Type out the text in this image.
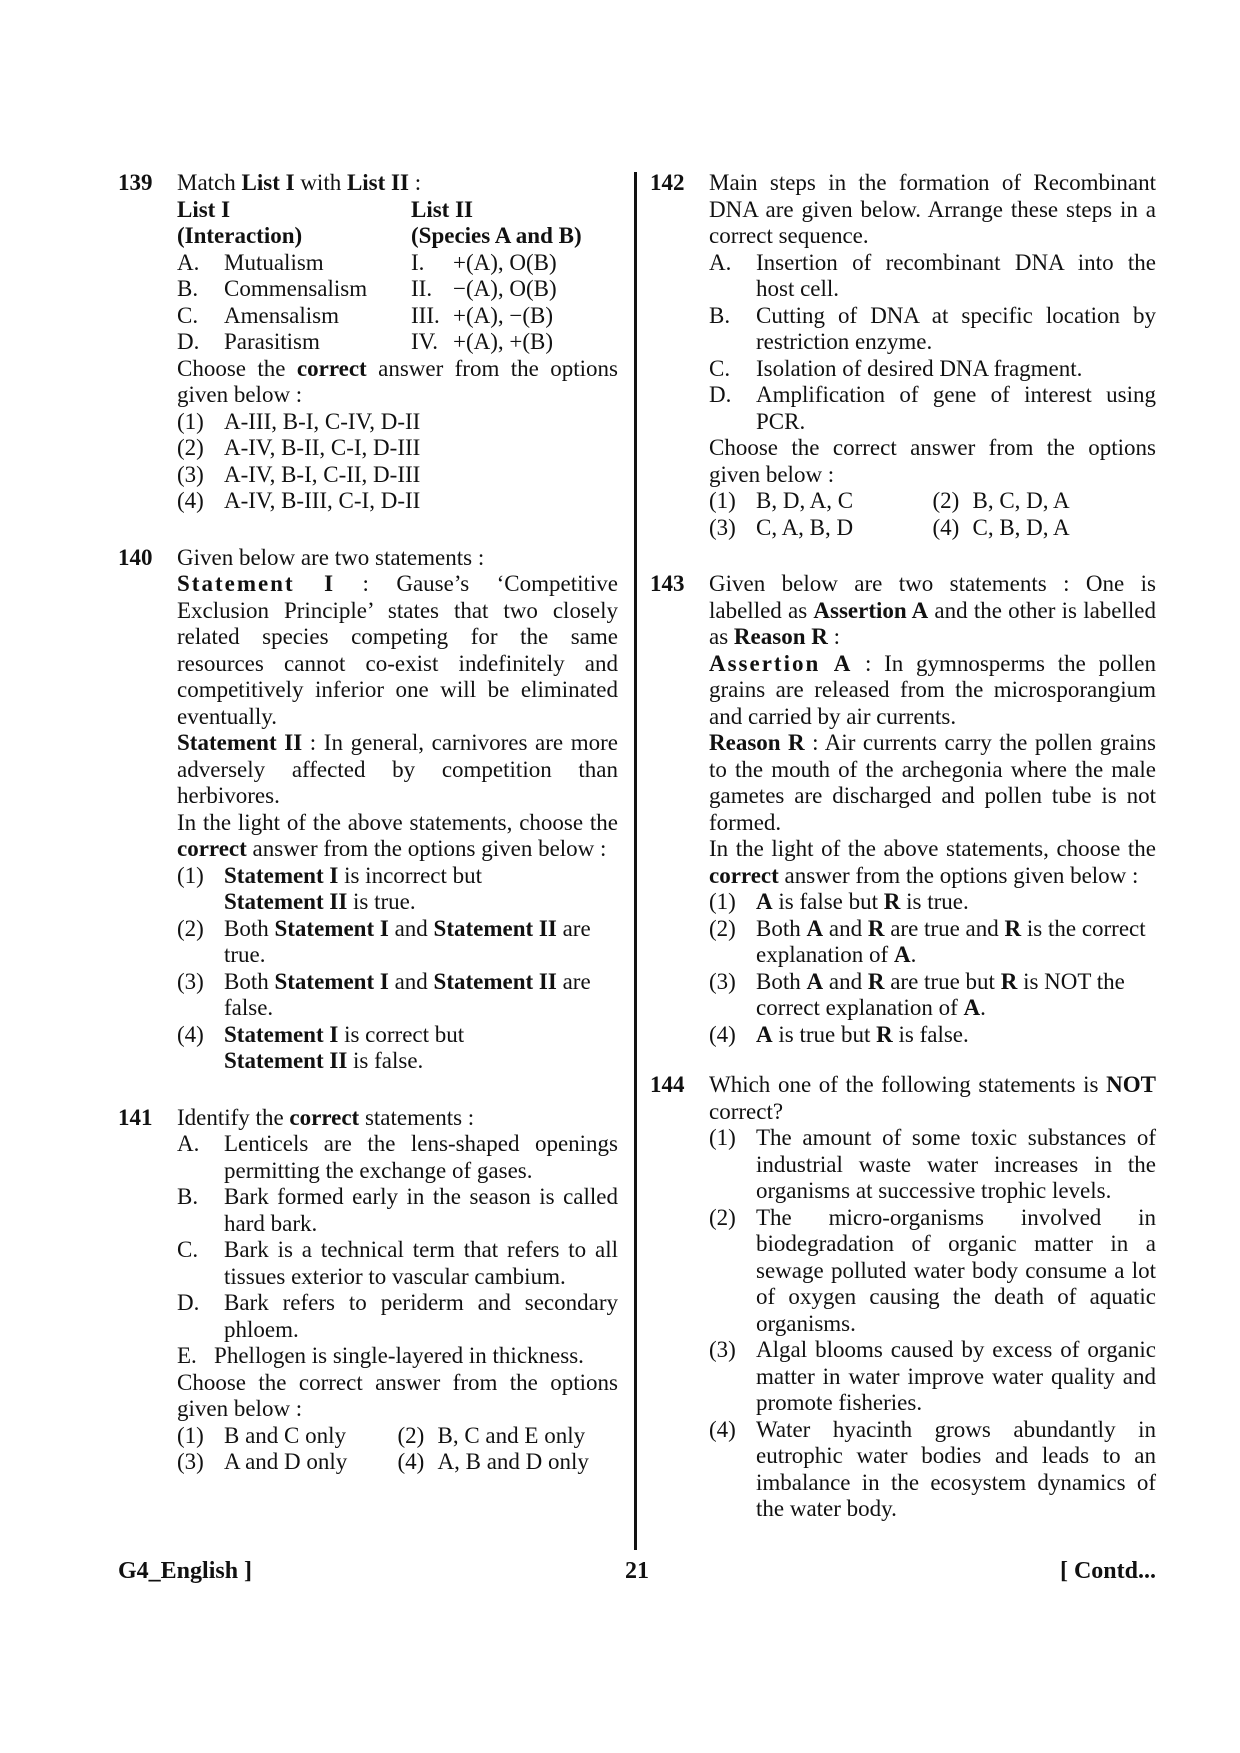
139	Match List I with List II :
List I	List II
(Interaction)	(Species A and B)
A.	Mutualism	I.	+(A), O(B)
B.	Commensalism II. −(A), O(B)
C.	Amensalism	III. +(A), −(B)
D.	Parasitism	IV. +(A), +(B)
Choose the correct answer from the options given below :
(1) A-III, B-I, C-IV, D-II
(2) A-IV, B-II, C-I, D-III
(3) A-IV, B-I, C-II, D-III
(4) A-IV, B-III, C-I, D-II
140	Given below are two statements :
Statement I : Gause’s ‘Competitive Exclusion Principle’ states that two closely related species competing for the same resources cannot co-exist indefinitely and competitively inferior one will be eliminated eventually.
Statement II : In general, carnivores are more adversely affected by competition than herbivores.
In the light of the above statements, choose the correct answer from the options given below :
(1) Statement I is incorrect but Statement II is true.
(2) Both Statement I and Statement II are true.
(3) Both Statement I and Statement II are false.
(4) Statement I is correct but Statement II is false.
141	Identify the correct statements :
A.	Lenticels are the lens-shaped openings permitting the exchange of gases.
B.	Bark formed early in the season is called hard bark.
C.	Bark is a technical term that refers to all tissues exterior to vascular cambium.
D.	Bark refers to periderm and secondary phloem.
E.   Phellogen is single-layered in thickness.
Choose the correct answer from the options given below :
(1) B and C only (2) B, C and E only
(3) A and D only (4) A, B and D only
142	Main steps in the formation of Recombinant DNA are given below. Arrange these steps in a correct sequence.
A.	Insertion of recombinant DNA into the host cell.
B.	Cutting of DNA at specific location by restriction enzyme.
C.	Isolation of desired DNA fragment.
D.	Amplification of gene of interest using PCR.
Choose the correct answer from the options given below :
(1) B, D, A, C	(2) B, C, D, A
(3) C, A, B, D	(4) C, B, D, A
143	Given below are two statements : One is labelled as Assertion A and the other is labelled as Reason R :
Assertion A : In gymnosperms the pollen grains are released from the microsporangium and carried by air currents.
Reason R : Air currents carry the pollen grains to the mouth of the archegonia where the male gametes are discharged and pollen tube is not formed.
In the light of the above statements, choose the correct answer from the options given below :
(1) A is false but R is true.
(2) Both A and R are true and R is the correct explanation of A.
(3) Both A and R are true but R is NOT the correct explanation of A.
(4) A is true but R is false.
144	Which one of the following statements is NOT correct?
(1) The amount of some toxic substances of industrial waste water increases in the organisms at successive trophic levels.
(2) The micro-organisms involved in biodegradation of organic matter in a sewage polluted water body consume a lot of oxygen causing the death of aquatic organisms.
(3) Algal blooms caused by excess of organic matter in water improve water quality and promote fisheries.
(4) Water hyacinth grows abundantly in eutrophic water bodies and leads to an imbalance in the ecosystem dynamics of the water body.
G4_English ]	21	[ Contd...
